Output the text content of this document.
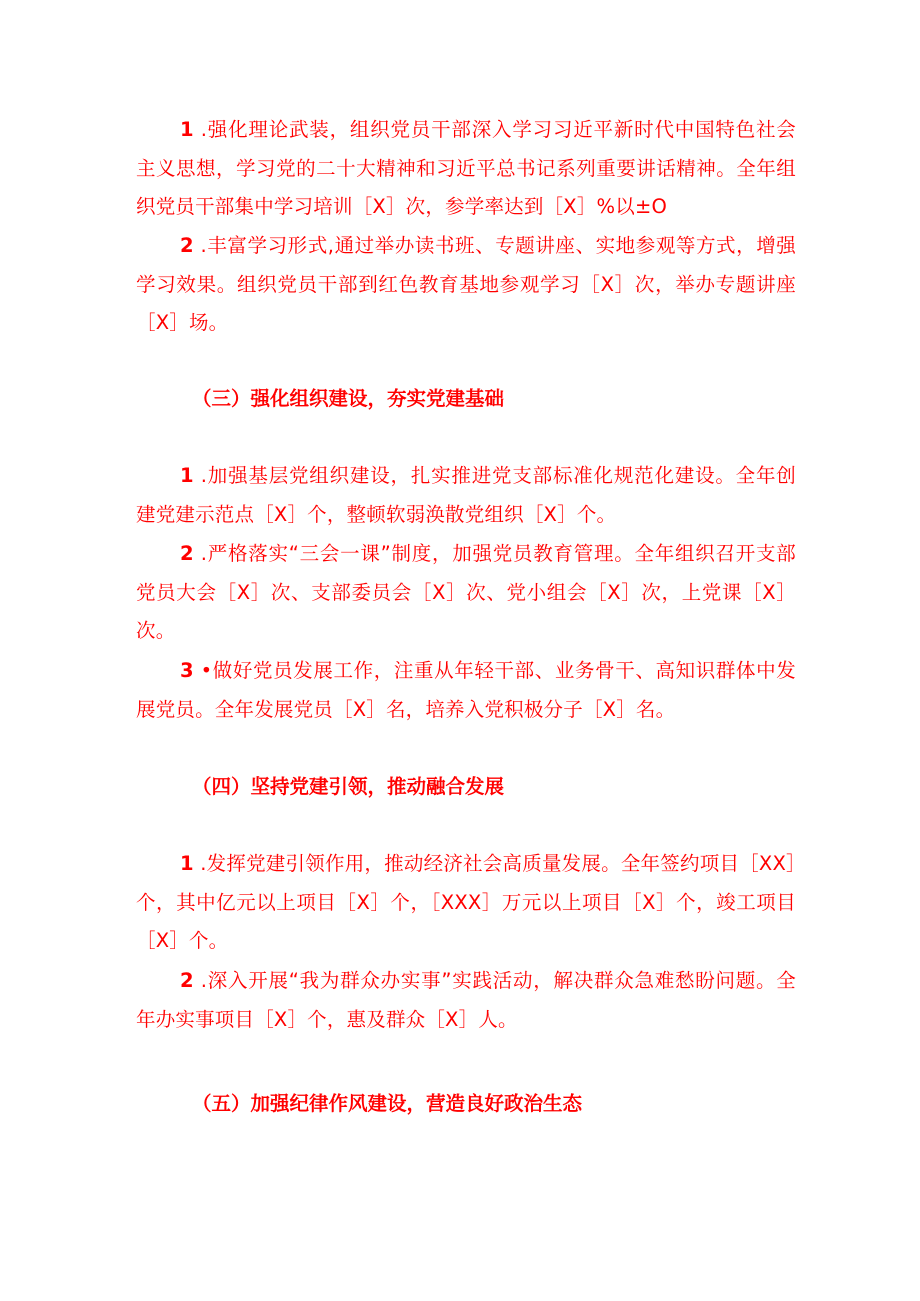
1 .强化理论武装，组织党员干部深入学习习近平新时代中国特色社会主义思想，学习党的二十大精神和习近平总书记系列重要讲话精神。全年组织党员干部集中学习培训［X］次，参学率达到［X］%以±O

2 .丰富学习形式,通过举办读书班、专题讲座、实地参观等方式，增强学习效果。组织党员干部到红色教育基地参观学习［X］次，举办专题讲座［X］场。

（三）强化组织建设，夯实党建基础

1 .加强基层党组织建设，扎实推进党支部标准化规范化建设。全年创建党建示范点［X］个，整顿软弱涣散党组织［X］个。

2 .严格落实“三会一课”制度，加强党员教育管理。全年组织召开支部党员大会［X］次、支部委员会［X］次、党小组会［X］次，上党课［X］次。

3 •做好党员发展工作，注重从年轻干部、业务骨干、高知识群体中发展党员。全年发展党员［X］名，培养入党积极分子［X］名。

（四）坚持党建引领，推动融合发展

1 .发挥党建引领作用，推动经济社会高质量发展。全年签约项目［XX］个，其中亿元以上项目［X］个，［XXX］万元以上项目［X］个，竣工项目［X］个。

2 .深入开展“我为群众办实事”实践活动，解决群众急难愁盼问题。全年办实事项目［X］个，惠及群众［X］人。

（五）加强纪律作风建设，营造良好政治生态
